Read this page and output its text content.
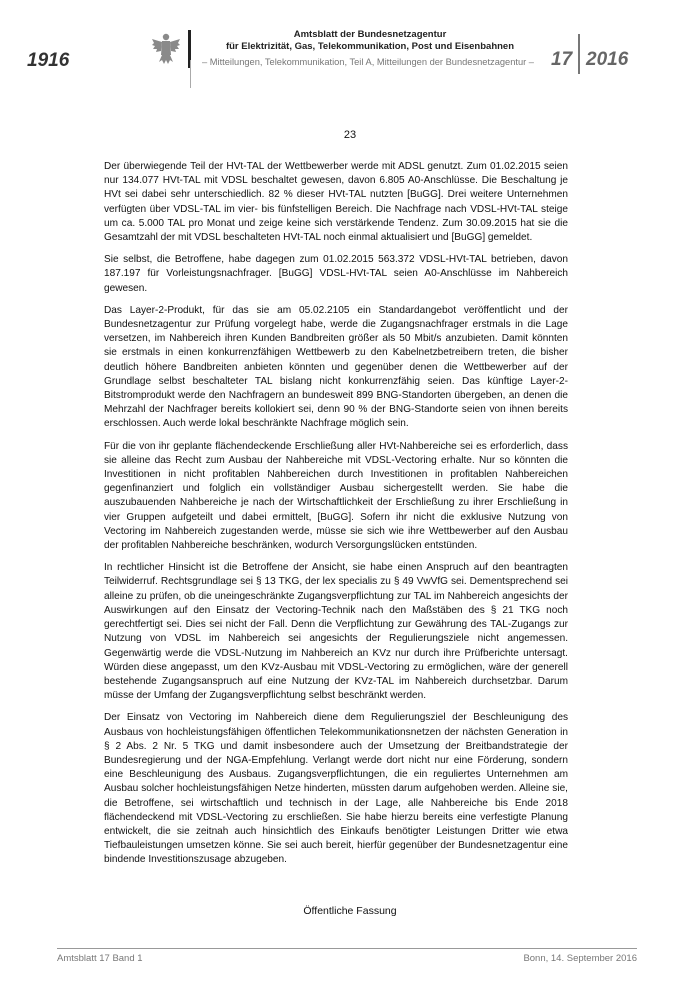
1916
Amtsblatt der Bundesnetzagentur
für Elektrizität, Gas, Telekommunikation, Post und Eisenbahnen
– Mitteilungen, Telekommunikation, Teil A, Mitteilungen der Bundesnetzagentur – 17 2016
23

Der überwiegende Teil der HVt-TAL der Wettbewerber werde mit ADSL genutzt. Zum 01.02.2015 seien nur 134.077 HVt-TAL mit VDSL beschaltet gewesen, davon 6.805 A0-Anschlüsse. Die Beschaltung je HVt sei dabei sehr unterschiedlich. 82 % dieser HVt-TAL nutzten [BuGG]. Drei weitere Unternehmen verfügten über VDSL-TAL im vier- bis fünfstelligen Bereich. Die Nachfrage nach VDSL-HVt-TAL steige um ca. 5.000 TAL pro Monat und zeige keine sich verstärkende Tendenz. Zum 30.09.2015 hat sie die Gesamtzahl der mit VDSL beschalteten HVt-TAL noch einmal aktualisiert und [BuGG] gemeldet.

Sie selbst, die Betroffene, habe dagegen zum 01.02.2015 563.372 VDSL-HVt-TAL betrieben, davon 187.197 für Vorleistungsnachfrager. [BuGG] VDSL-HVt-TAL seien A0-Anschlüsse im Nahbereich gewesen.

Das Layer-2-Produkt, für das sie am 05.02.2105 ein Standardangebot veröffentlicht und der Bundesnetzagentur zur Prüfung vorgelegt habe, werde die Zugangsnachfrager erstmals in die Lage versetzen, im Nahbereich ihren Kunden Bandbreiten größer als 50 Mbit/s anzubieten. Damit könnten sie erstmals in einen konkurrenzfähigen Wettbewerb zu den Kabelnetzbetreibern treten, die bisher deutlich höhere Bandbreiten anbieten könnten und gegenüber denen die Wettbewerber auf der Grundlage selbst beschalteter TAL bislang nicht konkurrenzfähig seien. Das künftige Layer-2-Bitstromprodukt werde den Nachfragern an bundesweit 899 BNG-Standorten übergeben, an denen die Mehrzahl der Nachfrager bereits kollokiert sei, denn 90 % der BNG-Standorte seien von ihnen bereits erschlossen. Auch werde lokal beschränkte Nachfrage möglich sein.

Für die von ihr geplante flächendeckende Erschließung aller HVt-Nahbereiche sei es erforderlich, dass sie alleine das Recht zum Ausbau der Nahbereiche mit VDSL-Vectoring erhalte. Nur so könnten die Investitionen in nicht profitablen Nahbereichen durch Investitionen in profitablen Nahbereichen gegenfinanziert und folglich ein vollständiger Ausbau sichergestellt werden. Sie habe die auszubauenden Nahbereiche je nach der Wirtschaftlichkeit der Erschließung zu ihrer Erschließung in vier Gruppen aufgeteilt und dabei ermittelt, [BuGG]. Sofern ihr nicht die exklusive Nutzung von Vectoring im Nahbereich zugestanden werde, müsse sie sich wie ihre Wettbewerber auf den Ausbau der profitablen Nahbereiche beschränken, wodurch Versorgungslücken entstünden.

In rechtlicher Hinsicht ist die Betroffene der Ansicht, sie habe einen Anspruch auf den beantragten Teilwiderruf. Rechtsgrundlage sei § 13 TKG, der lex specialis zu § 49 VwVfG sei. Dementsprechend sei alleine zu prüfen, ob die uneingeschränkte Zugangsverpflichtung zur TAL im Nahbereich angesichts der Auswirkungen auf den Einsatz der Vectoring-Technik nach den Maßstäben des § 21 TKG noch gerechtfertigt sei. Dies sei nicht der Fall. Denn die Verpflichtung zur Gewährung des TAL-Zugangs zur Nutzung von VDSL im Nahbereich sei angesichts der Regulierungsziele nicht angemessen. Gegenwärtig werde die VDSL-Nutzung im Nahbereich an KVz nur durch ihre Prüfberichte untersagt. Würden diese angepasst, um den KVz-Ausbau mit VDSL-Vectoring zu ermöglichen, wäre der generell bestehende Zugangsanspruch auf eine Nutzung der KVz-TAL im Nahbereich durchsetzbar. Darum müsse der Umfang der Zugangsverpflichtung selbst beschränkt werden.

Der Einsatz von Vectoring im Nahbereich diene dem Regulierungsziel der Beschleunigung des Ausbaus von hochleistungsfähigen öffentlichen Telekommunikationsnetzen der nächsten Generation in § 2 Abs. 2 Nr. 5 TKG und damit insbesondere auch der Umsetzung der Breitbandstrategie der Bundesregierung und der NGA-Empfehlung. Verlangt werde dort nicht nur eine Förderung, sondern eine Beschleunigung des Ausbaus. Zugangsverpflichtungen, die ein reguliertes Unternehmen am Ausbau solcher hochleistungsfähigen Netze hinderten, müssten darum aufgehoben werden. Alleine sie, die Betroffene, sei wirtschaftlich und technisch in der Lage, alle Nahbereiche bis Ende 2018 flächendeckend mit VDSL-Vectoring zu erschließen. Sie habe hierzu bereits eine verfestigte Planung entwickelt, die sie zeitnah auch hinsichtlich des Einkaufs benötigter Leistungen Dritter wie etwa Tiefbauleistungen umsetzen könne. Sie sei auch bereit, hierfür gegenüber der Bundesnetzagentur eine bindende Investitionszusage abzugeben.

Öffentliche Fassung
Amtsblatt 17 Band 1	Bonn, 14. September 2016
